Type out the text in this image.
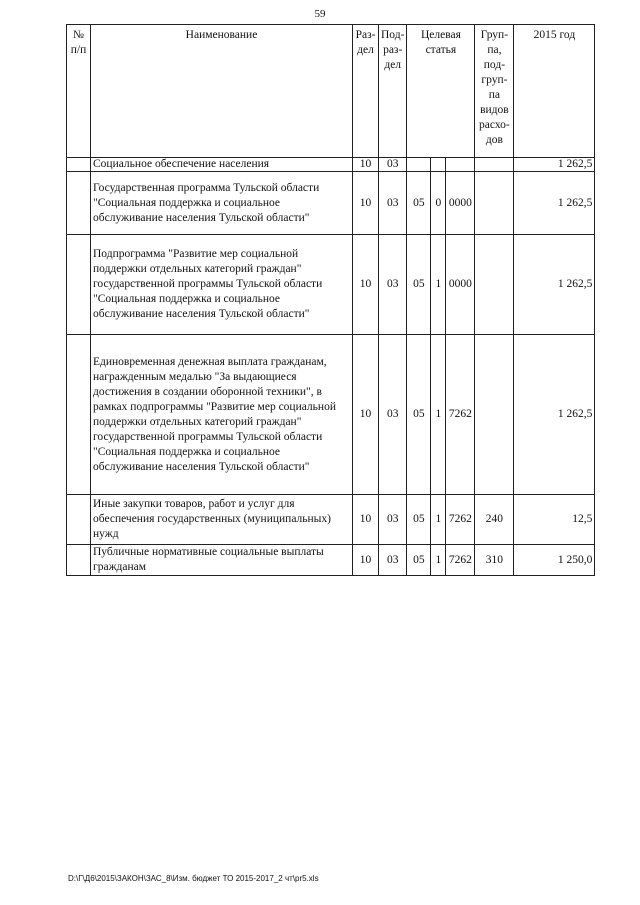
59
№ п/п	Наименование	Раз-дел	Под-раз-дел	Целевая статья			Груп-па, под-груп-па видов расхо-дов	2015 год
	Социальное обеспечение населения	10	03					1 262,5
	Государственная программа Тульской области "Социальная поддержка и социальное обслуживание населения Тульской области"	10	03	05	0	0000		1 262,5
	Подпрограмма "Развитие мер социальной поддержки отдельных категорий граждан" государственной программы Тульской области "Социальная поддержка и социальное обслуживание населения Тульской области"	10	03	05	1	0000		1 262,5
	Единовременная денежная выплата гражданам, награжденным медалью "За выдающиеся достижения в создании оборонной техники", в рамках подпрограммы "Развитие мер социальной поддержки отдельных категорий граждан" государственной программы Тульской области "Социальная поддержка и социальное обслуживание населения Тульской области"	10	03	05	1	7262		1 262,5
	Иные закупки товаров, работ и услуг для обеспечения государственных (муниципальных) нужд	10	03	05	1	7262	240	12,5
	Публичные нормативные социальные выплаты гражданам	10	03	05	1	7262	310	1 250,0
D:\Г\Д6\2015\ЗАКОН\ЗАС_8\Изм. бюджет ТО 2015-2017_2 чт\pr5.xls
